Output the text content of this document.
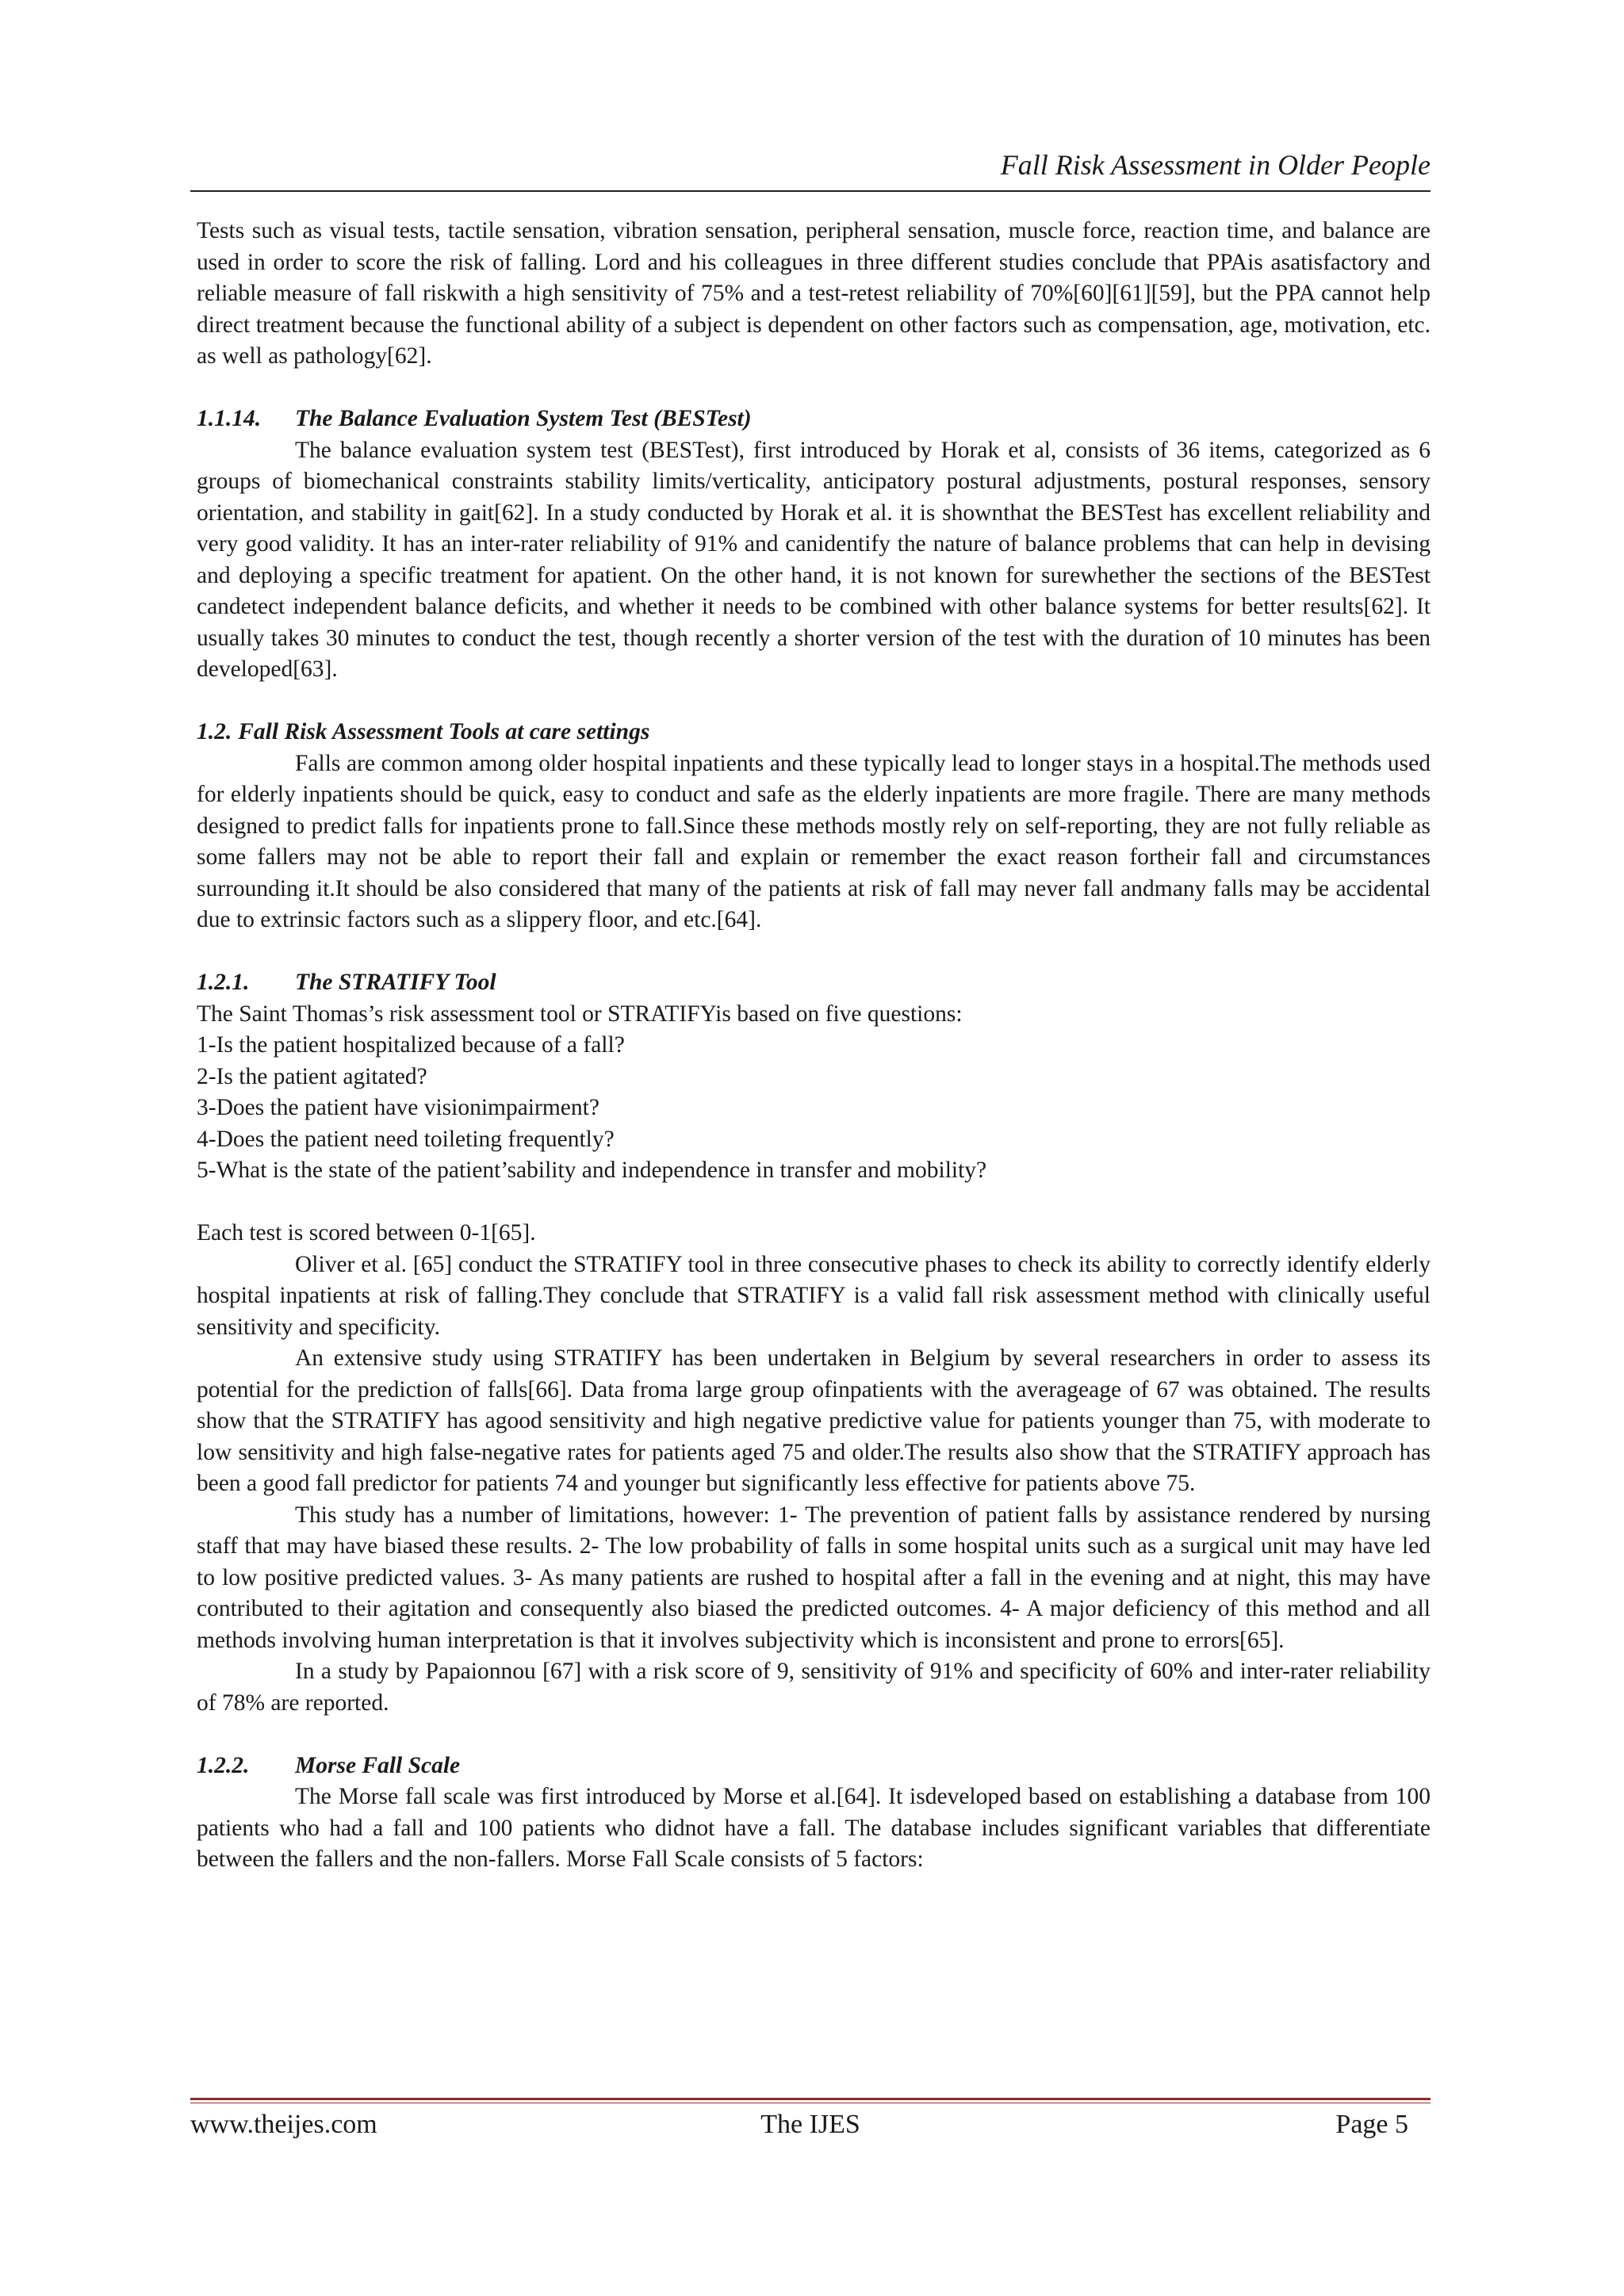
Fall Risk Assessment in Older People

Tests such as visual tests, tactile sensation, vibration sensation, peripheral sensation, muscle force, reaction time, and balance are used in order to score the risk of falling. Lord and his colleagues in three different studies conclude that PPAis asatisfactory and reliable measure of fall riskwith a high sensitivity of 75% and a test-retest reliability of 70%[60][61][59], but the PPA cannot help direct treatment because the functional ability of a subject is dependent on other factors such as compensation, age, motivation, etc. as well as pathology[62].

1.1.14. The Balance Evaluation System Test (BESTest)

The balance evaluation system test (BESTest), first introduced by Horak et al, consists of 36 items, categorized as 6 groups of biomechanical constraints stability limits/verticality, anticipatory postural adjustments, postural responses, sensory orientation, and stability in gait[62]. In a study conducted by Horak et al. it is shownthat the BESTest has excellent reliability and very good validity. It has an inter-rater reliability of 91% and canidentify the nature of balance problems that can help in devising and deploying a specific treatment for apatient. On the other hand, it is not known for surewhether the sections of the BESTest candetect independent balance deficits, and whether it needs to be combined with other balance systems for better results[62]. It usually takes 30 minutes to conduct the test, though recently a shorter version of the test with the duration of 10 minutes has been developed[63].

1.2. Fall Risk Assessment Tools at care settings

Falls are common among older hospital inpatients and these typically lead to longer stays in a hospital.The methods used for elderly inpatients should be quick, easy to conduct and safe as the elderly inpatients are more fragile. There are many methods designed to predict falls for inpatients prone to fall.Since these methods mostly rely on self-reporting, they are not fully reliable as some fallers may not be able to report their fall and explain or remember the exact reason fortheir fall and circumstances surrounding it.It should be also considered that many of the patients at risk of fall may never fall andmany falls may be accidental due to extrinsic factors such as a slippery floor, and etc.[64].

1.2.1. The STRATIFY Tool

The Saint Thomas’s risk assessment tool or STRATIFYis based on five questions:

1-Is the patient hospitalized because of a fall?

2-Is the patient agitated?

3-Does the patient have visionimpairment?

4-Does the patient need toileting frequently?

5-What is the state of the patient’sability and independence in transfer and mobility?

Each test is scored between 0-1[65].

Oliver et al. [65] conduct the STRATIFY tool in three consecutive phases to check its ability to correctly identify elderly hospital inpatients at risk of falling.They conclude that STRATIFY is a valid fall risk assessment method with clinically useful sensitivity and specificity.

An extensive study using STRATIFY has been undertaken in Belgium by several researchers in order to assess its potential for the prediction of falls[66]. Data froma large group ofinpatients with the averageage of 67 was obtained. The results show that the STRATIFY has agood sensitivity and high negative predictive value for patients younger than 75, with moderate to low sensitivity and high false-negative rates for patients aged 75 and older.The results also show that the STRATIFY approach has been a good fall predictor for patients 74 and younger but significantly less effective for patients above 75.

This study has a number of limitations, however: 1- The prevention of patient falls by assistance rendered by nursing staff that may have biased these results. 2- The low probability of falls in some hospital units such as a surgical unit may have led to low positive predicted values. 3- As many patients are rushed to hospital after a fall in the evening and at night, this may have contributed to their agitation and consequently also biased the predicted outcomes. 4- A major deficiency of this method and all methods involving human interpretation is that it involves subjectivity which is inconsistent and prone to errors[65].

In a study by Papaionnou [67] with a risk score of 9, sensitivity of 91% and specificity of 60% and inter-rater reliability of 78% are reported.

1.2.2. Morse Fall Scale

The Morse fall scale was first introduced by Morse et al.[64]. It isdeveloped based on establishing a database from 100 patients who had a fall and 100 patients who didnot have a fall. The database includes significant variables that differentiate between the fallers and the non-fallers. Morse Fall Scale consists of 5 factors:

www.theijes.com	The IJES	Page 5
